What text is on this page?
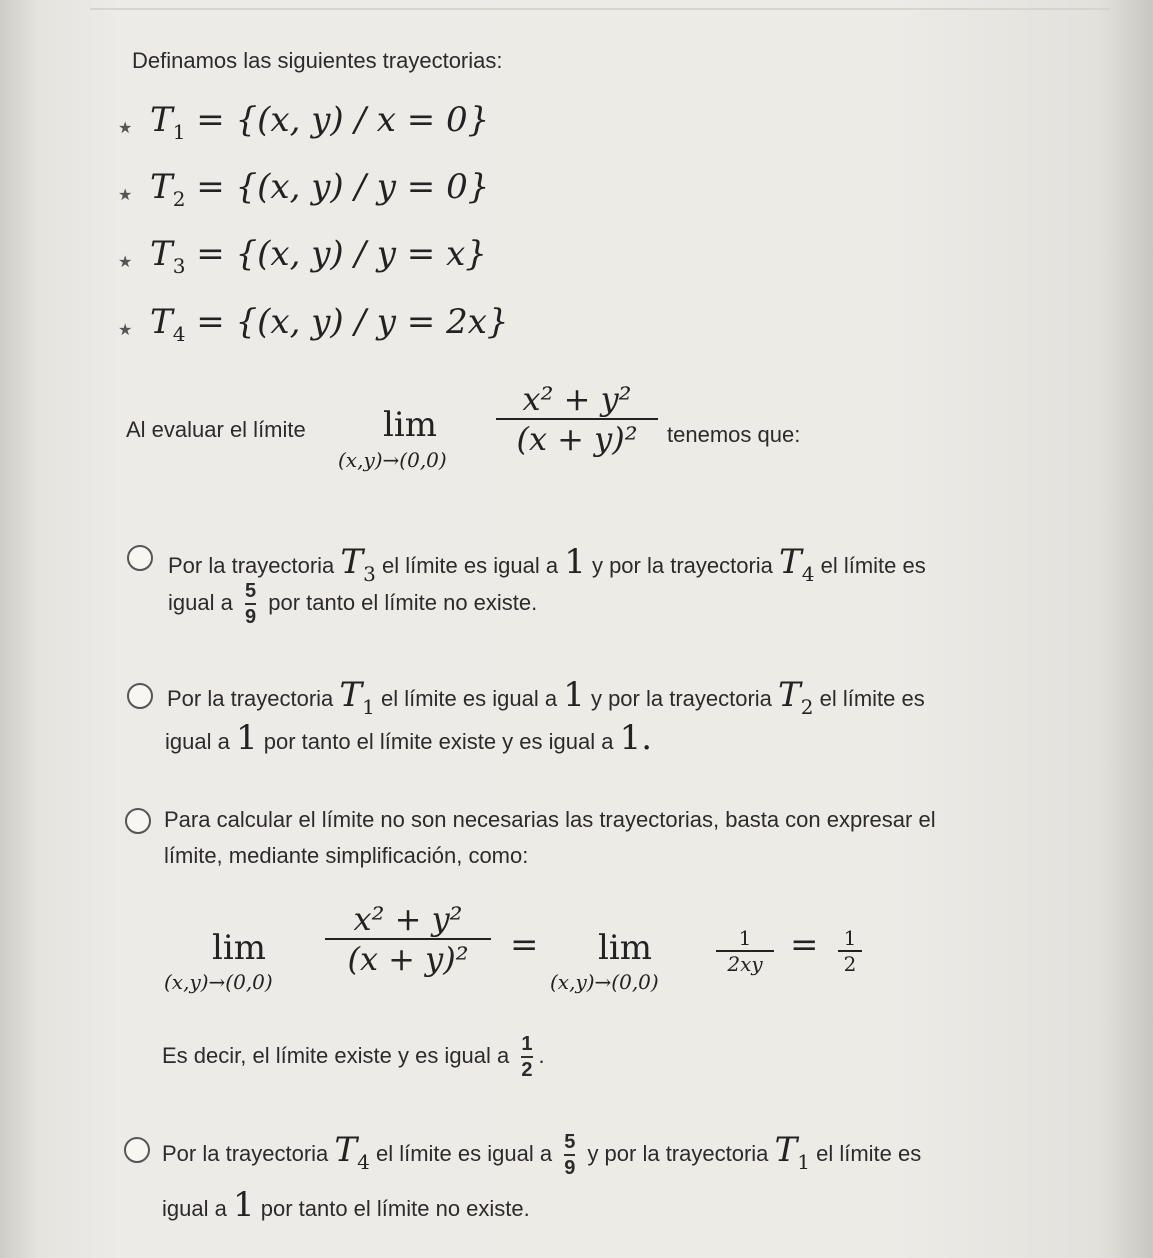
Definamos las siguientes trayectorias:
★ $T_1 = \{(x$, y) / x = 0}
★ $T_2 = \{(x$, y) / y = 0}
★ $T_3 = \{(x$, y) / y = x}
★ $T_4 = \{(x$, y) / y = 2x}
Al evaluar el límite lim
(x,y)→(0,0)
x² + y²
(x + y)²	tenemos que:
Por la trayectoria $T_3$ el límite es igual a 1 y por la trayectoria $T_4$ el límite es
igual a $\frac{5}{9}$ por tanto el límite no existe.
Por la trayectoria $T_1$ el límite es igual a 1 y por la trayectoria $T_2$ el límite es
igual a 1 por tanto el límite existe y es igual a 1.
Para calcular el límite no son necesarias las trayectorias, basta con expresar el
límite, mediante simplificación, como:
lim
(x,y)→(0,0)
x² + y²
(x + y)²	= lim
(x,y)→(0,0)
1
2xy = 1
2
Es decir, el límite existe y es igual a $\frac{1}{2}$ .
Por la trayectoria $T_4$ el límite es igual a $\frac{5}{9}$ y por la trayectoria $T_1$ el límite es
igual a 1 por tanto el límite no existe.
